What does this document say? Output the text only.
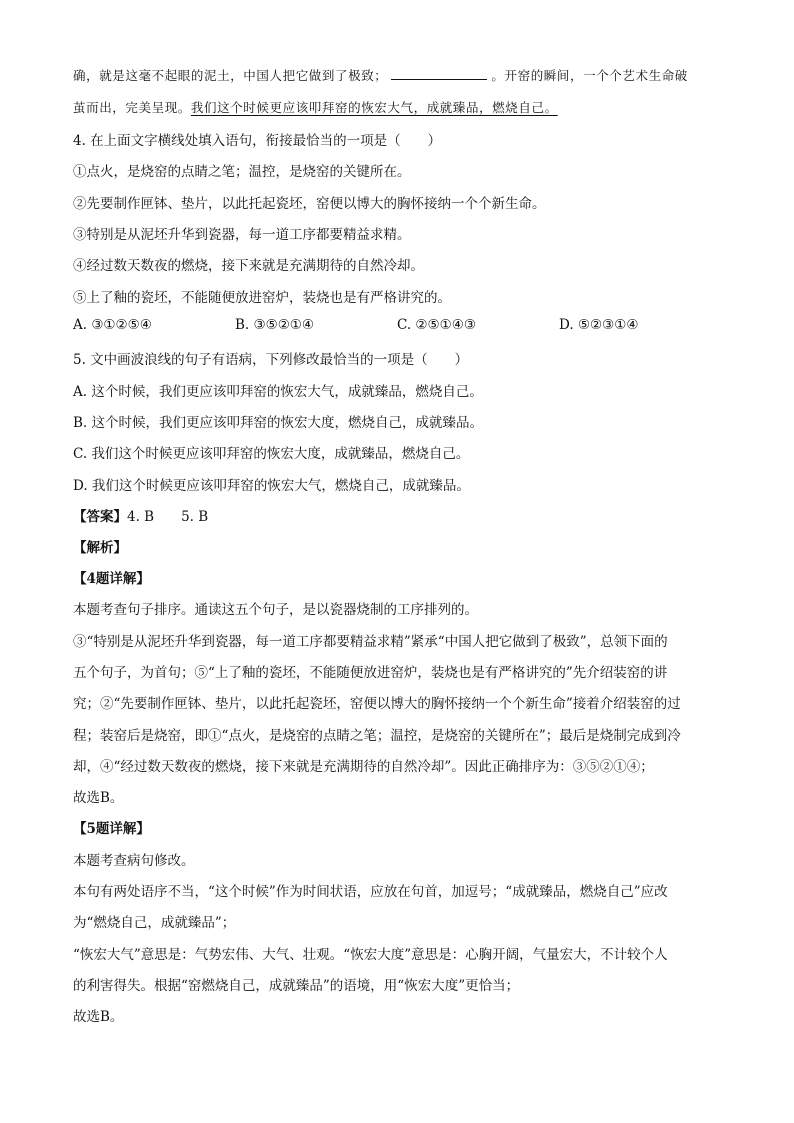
确，就是这毫不起眼的泥土，中国人把它做到了极致；	。开窑的瞬间，一个个艺术生命破
茧而出，完美呈现。我们这个时候更应该叩拜窑的恢宏大气，成就臻品，燃烧自己。
4. 在上面文字横线处填入语句，衔接最恰当的一项是（　　）
①点火，是烧窑的点睛之笔；温控，是烧窑的关键所在。
②先要制作匣钵、垫片，以此托起瓷坯，窑便以博大的胸怀接纳一个个新生命。
③特别是从泥坯升华到瓷器，每一道工序都要精益求精。
④经过数天数夜的燃烧，接下来就是充满期待的自然冷却。
⑤上了釉的瓷坯，不能随便放进窑炉，装烧也是有严格讲究的。
A. ③①②⑤④	B. ③⑤②①④	C. ②⑤①④③	D. ⑤②③①④
5. 文中画波浪线的句子有语病，下列修改最恰当的一项是（　　）
A. 这个时候，我们更应该叩拜窑的恢宏大气，成就臻品，燃烧自己。
B. 这个时候，我们更应该叩拜窑的恢宏大度，燃烧自己，成就臻品。
C. 我们这个时候更应该叩拜窑的恢宏大度，成就臻品，燃烧自己。
D. 我们这个时候更应该叩拜窑的恢宏大气，燃烧自己，成就臻品。
【答案】4. B　　5. B
【解析】
【4题详解】
本题考查句子排序。通读这五个句子，是以瓷器烧制的工序排列的。
③“特别是从泥坯升华到瓷器，每一道工序都要精益求精”紧承“中国人把它做到了极致”，总领下面的
五个句子，为首句；⑤“上了釉的瓷坯，不能随便放进窑炉，装烧也是有严格讲究的”先介绍装窑的讲
究；②“先要制作匣钵、垫片，以此托起瓷坯，窑便以博大的胸怀接纳一个个新生命”接着介绍装窑的过
程；装窑后是烧窑，即①“点火，是烧窑的点睛之笔；温控，是烧窑的关键所在”；最后是烧制完成到冷
却，④“经过数天数夜的燃烧，接下来就是充满期待的自然冷却”。因此正确排序为：③⑤②①④；
故选B。
【5题详解】
本题考查病句修改。
本句有两处语序不当，“这个时候”作为时间状语，应放在句首，加逗号；“成就臻品，燃烧自己”应改
为“燃烧自己，成就臻品”；
“恢宏大气”意思是：气势宏伟、大气、壮观。“恢宏大度”意思是：心胸开阔，气量宏大，不计较个人
的利害得失。根据“窑燃烧自己，成就臻品”的语境，用“恢宏大度”更恰当；
故选B。
